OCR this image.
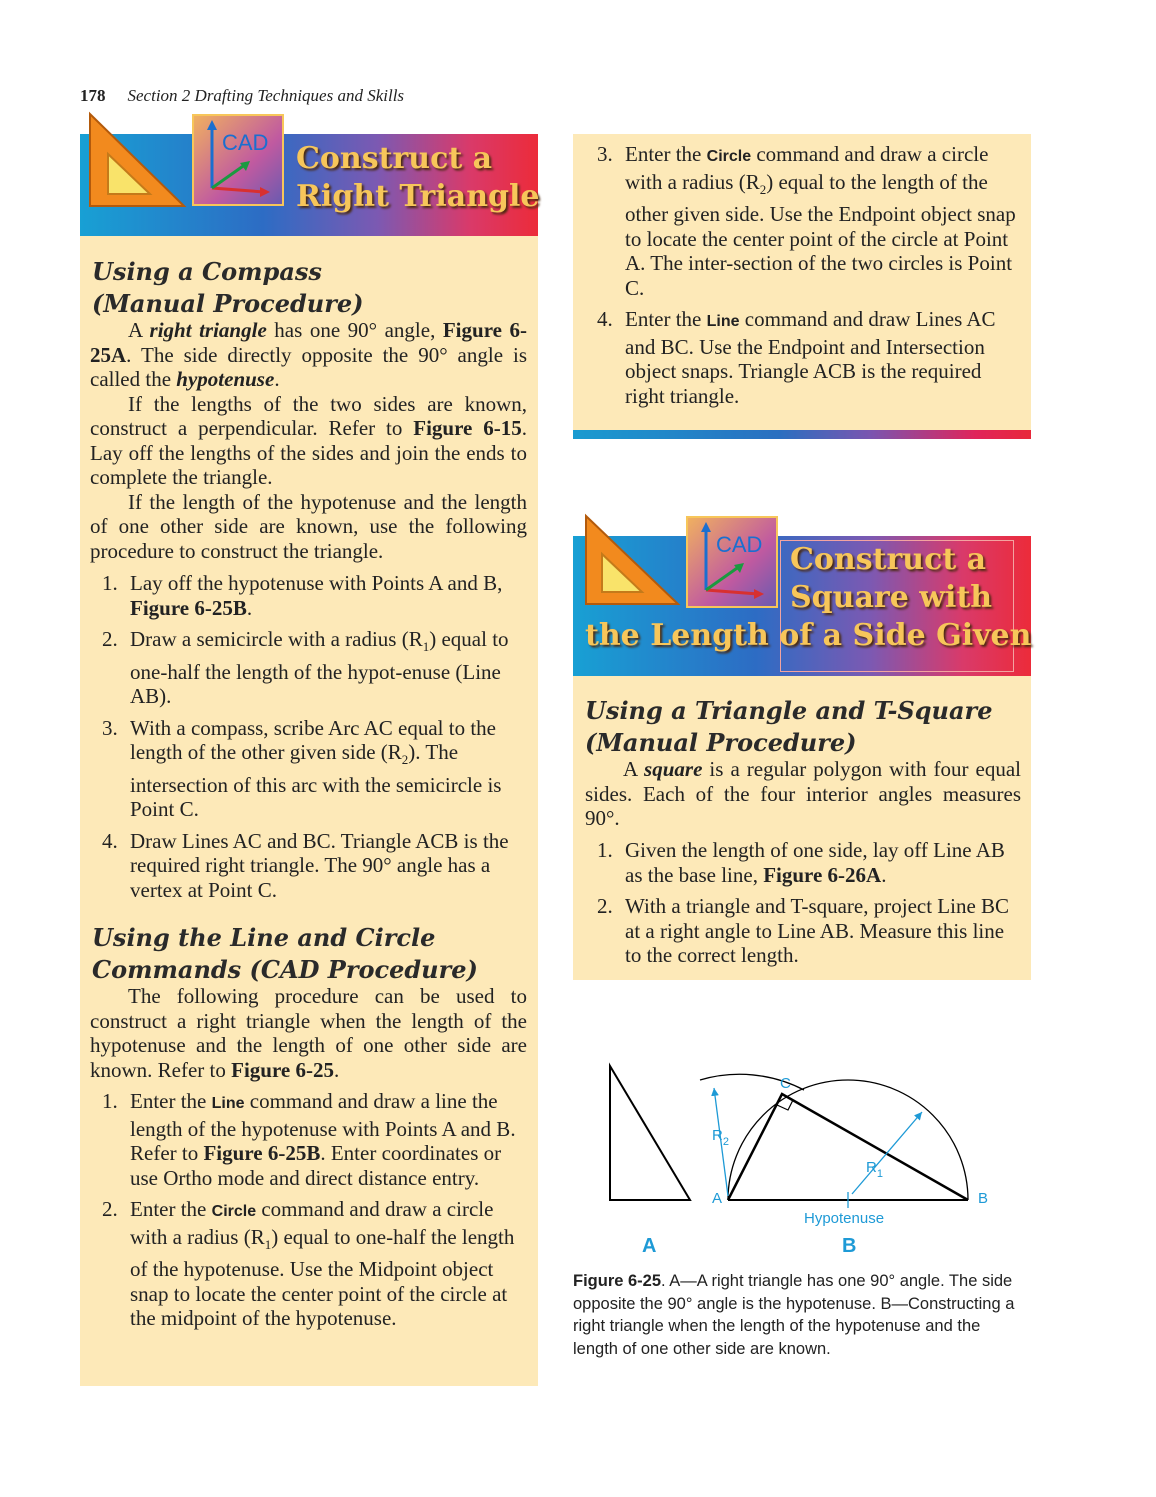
178 Section 2 Drafting Techniques and Skills
CAD Construct a
Right Triangle
Using a Compass
(Manual Procedure)
A right triangle has one 90° angle, Figure 6-25A. The side directly opposite the 90° angle is called the hypotenuse.
If the lengths of the two sides are known, construct a perpendicular. Refer to Figure 6-15. Lay off the lengths of the sides and join the ends to complete the triangle.
If the length of the hypotenuse and the length of one other side are known, use the following procedure to construct the triangle.
1. Lay off the hypotenuse with Points A and B, Figure 6-25B.
2. Draw a semicircle with a radius $(R_1)$ equal to one-half the length of the hypot-enuse (Line AB).
3. With a compass, scribe Arc AC equal to the length of the other given side $(R_2)$. The intersection of this arc with the semicircle is Point C.
4. Draw Lines AC and BC. Triangle ACB is the required right triangle. The 90° angle has a vertex at Point C.
Using the Line and Circle
Commands (CAD Procedure)
The following procedure can be used to construct a right triangle when the length of the hypotenuse and the length of one other side are known. Refer to Figure 6-25.
1. Enter the Line command and draw a line the length of the hypotenuse with Points A and B. Refer to Figure 6-25B. Enter coordinates or use Ortho mode and direct distance entry.
2. Enter the Circle command and draw a circle with a radius $(R_1)$ equal to one-half the length of the hypotenuse. Use the Midpoint object snap to locate the center point of the circle at the midpoint of the hypotenuse.
3. Enter the Circle command and draw a circle with a radius $(R_2)$ equal to the length of the other given side. Use the Endpoint object snap to locate the center point of the circle at Point A. The inter-section of the two circles is Point C.
4. Enter the Line command and draw Lines AC and BC. Use the Endpoint and Intersection object snaps. Triangle ACB is the required right triangle.
CAD Construct a
Square with
the Length of a Side Given
Using a Triangle and T-Square
(Manual Procedure)
A square is a regular polygon with four equal sides. Each of the four interior angles measures 90°.
1. Given the length of one side, lay off Line AB as the base line, Figure 6-26A.
2. With a triangle and T-square, project Line BC at a right angle to Line AB. Measure this line to the correct length.
C
$R_2$
$R_1$
A	B
Hypotenuse
A	B
Figure 6-25. A—A right triangle has one 90° angle. The side opposite the 90° angle is the hypotenuse. B—Constructing a right triangle when the length of the hypotenuse and the length of one other side are known.
